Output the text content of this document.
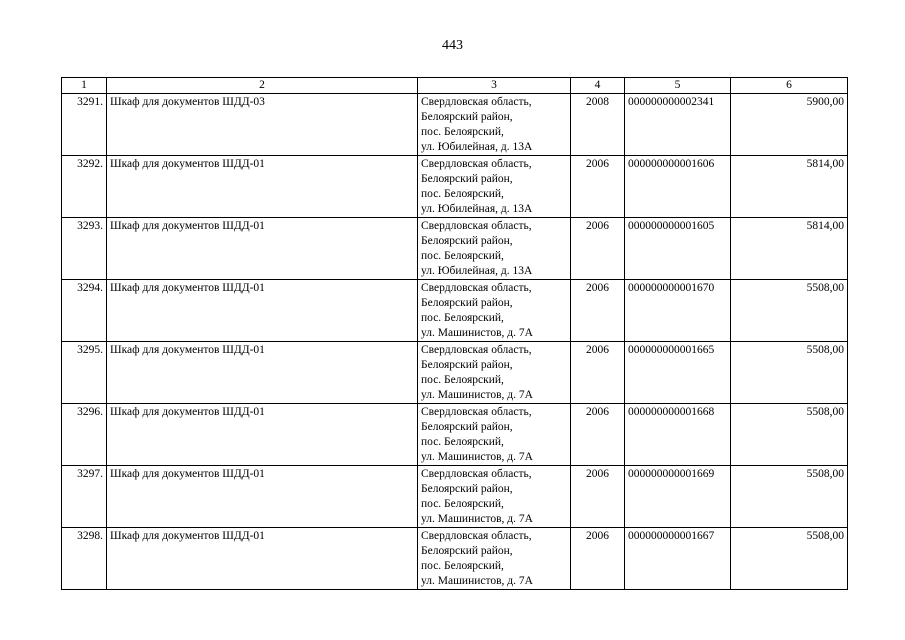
443
1	2	3	4	5	6
3291.	Шкаф для документов ШДД-03	Свердловская область,
Белоярский район,
пос. Белоярский,
ул. Юбилейная, д. 13А	2008	000000000002341	5900,00
3292.	Шкаф для документов ШДД-01	Свердловская область,
Белоярский район,
пос. Белоярский,
ул. Юбилейная, д. 13А	2006	000000000001606	5814,00
3293.	Шкаф для документов ШДД-01	Свердловская область,
Белоярский район,
пос. Белоярский,
ул. Юбилейная, д. 13А	2006	000000000001605	5814,00
3294.	Шкаф для документов ШДД-01	Свердловская область,
Белоярский район,
пос. Белоярский,
ул. Машинистов, д. 7А	2006	000000000001670	5508,00
3295.	Шкаф для документов ШДД-01	Свердловская область,
Белоярский район,
пос. Белоярский,
ул. Машинистов, д. 7А	2006	000000000001665	5508,00
3296.	Шкаф для документов ШДД-01	Свердловская область,
Белоярский район,
пос. Белоярский,
ул. Машинистов, д. 7А	2006	000000000001668	5508,00
3297.	Шкаф для документов ШДД-01	Свердловская область,
Белоярский район,
пос. Белоярский,
ул. Машинистов, д. 7А	2006	000000000001669	5508,00
3298.	Шкаф для документов ШДД-01	Свердловская область,
Белоярский район,
пос. Белоярский,
ул. Машинистов, д. 7А	2006	000000000001667	5508,00
